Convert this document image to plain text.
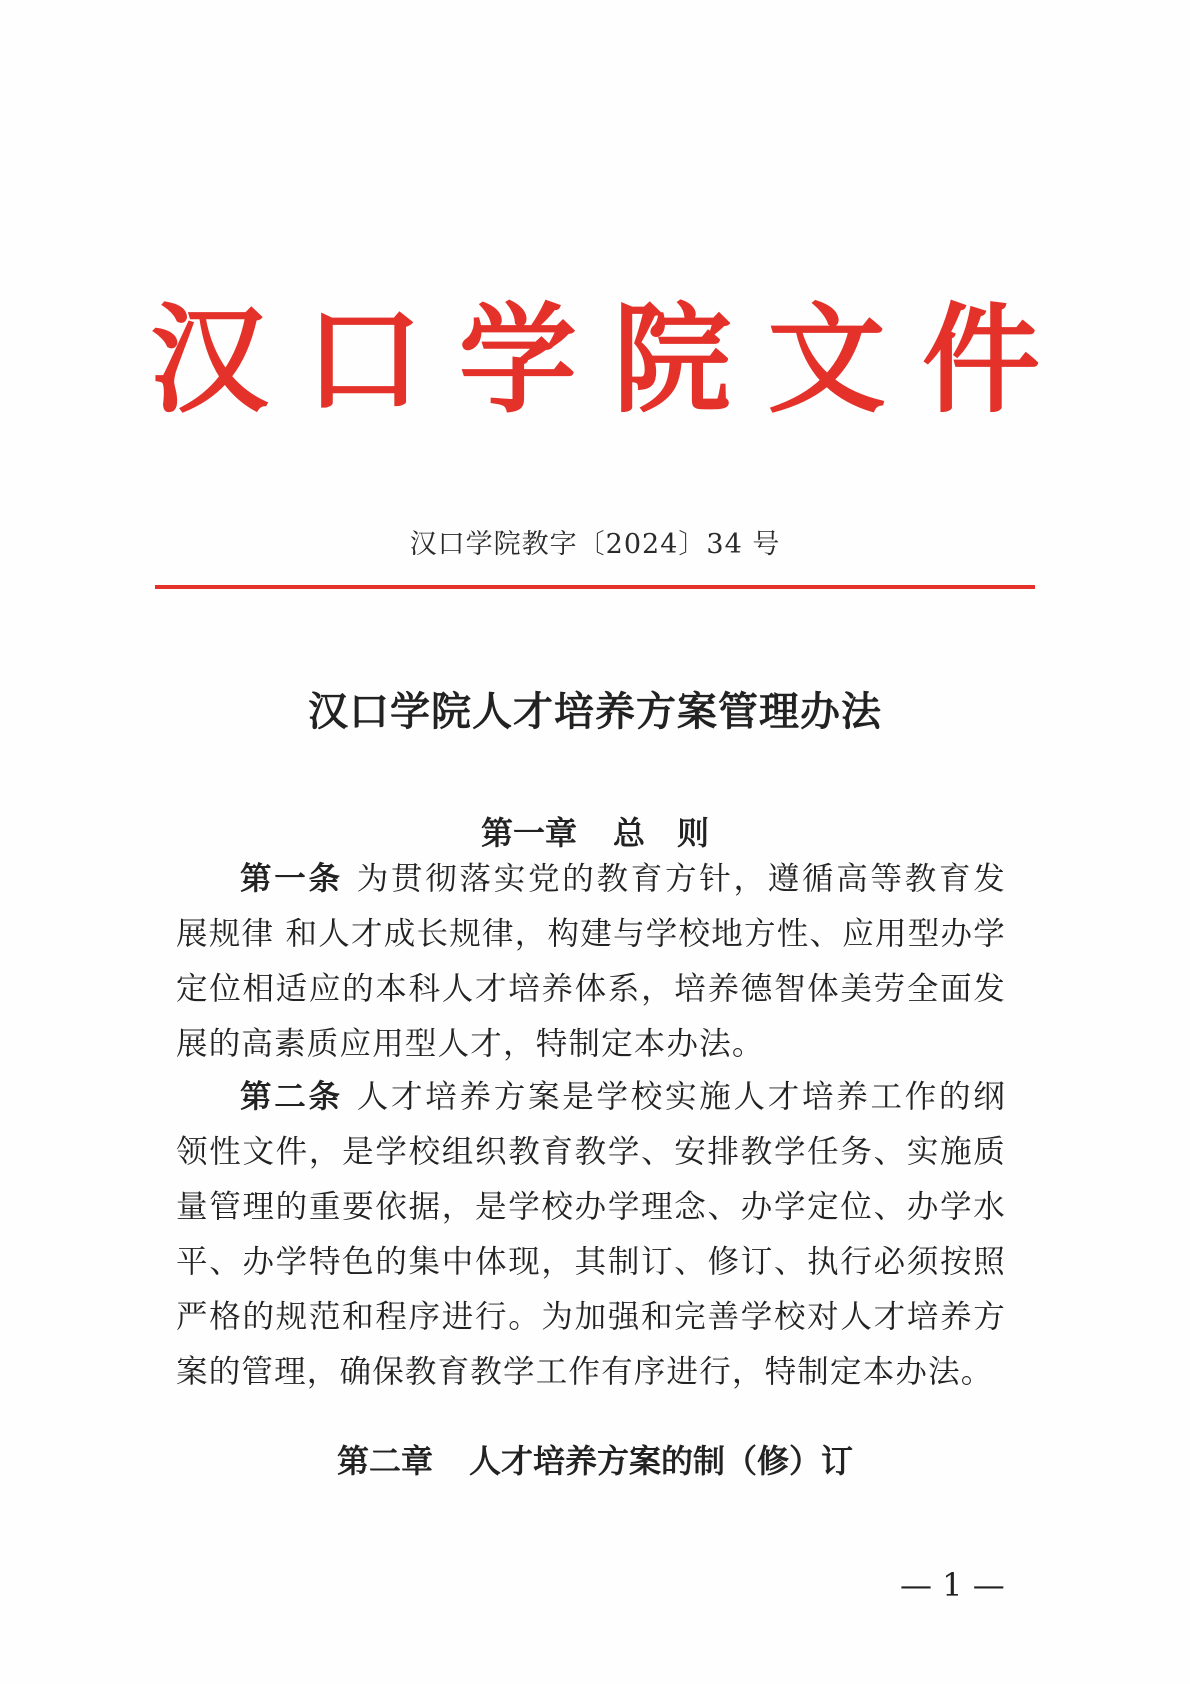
汉 口 学 院 文 件
汉口学院教字〔2024〕34 号
汉口学院人才培养方案管理办法
第一章 总　则
第一条 为贯彻落实党的教育方针，遵循高等教育发展规律 和人才成长规律，构建与学校地方性、应用型办学定位相适应的本科人才培养体系，培养德智体美劳全面发展的高素质应用型人才，特制定本办法。
第二条 人才培养方案是学校实施人才培养工作的纲领性文件，是学校组织教育教学、安排教学任务、实施质量管理的重要依据，是学校办学理念、办学定位、办学水平、办学特色的集中体现，其制订、修订、执行必须按照严格的规范和程序进行。为加强和完善学校对人才培养方案的管理，确保教育教学工作有序进行，特制定本办法。
第二章 人才培养方案的制（修）订
— 1 —
